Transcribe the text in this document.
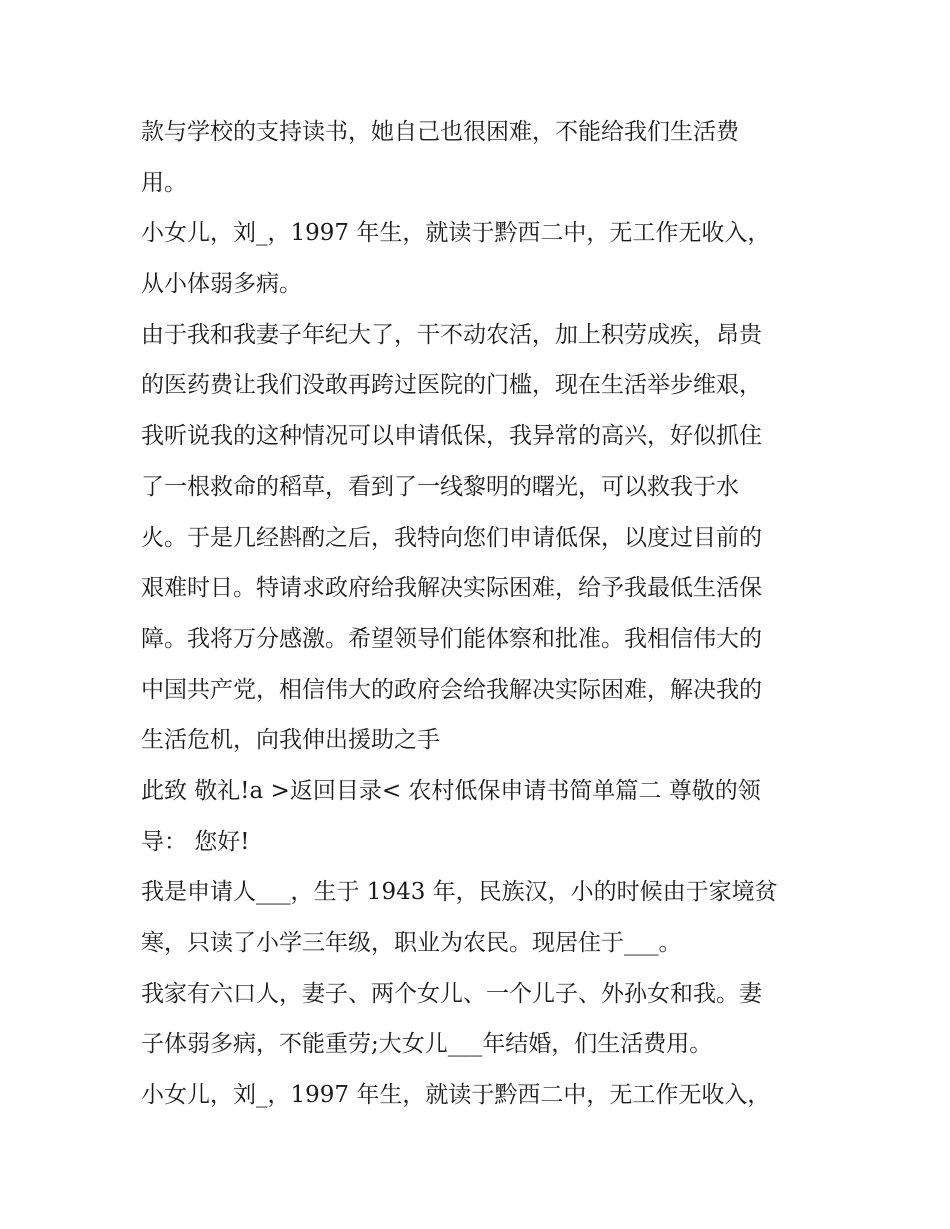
款与学校的支持读书，她自己也很困难，不能给我们生活费
用。
小女儿，刘_，1997 年生，就读于黔西二中，无工作无收入，
从小体弱多病。
由于我和我妻子年纪大了，干不动农活，加上积劳成疾，昂贵
的医药费让我们没敢再跨过医院的门槛，现在生活举步维艰，
我听说我的这种情况可以申请低保，我异常的高兴，好似抓住
了一根救命的稻草，看到了一线黎明的曙光，可以救我于水
火。于是几经斟酌之后，我特向您们申请低保，以度过目前的
艰难时日。特请求政府给我解决实际困难，给予我最低生活保
障。我将万分感激。希望领导们能体察和批准。我相信伟大的
中国共产党，相信伟大的政府会给我解决实际困难，解决我的
生活危机，向我伸出援助之手
此致 敬礼!a >返回目录< 农村低保申请书简单篇二 尊敬的领
导： 您好!
我是申请人___，生于 1943 年，民族汉，小的时候由于家境贫
寒，只读了小学三年级，职业为农民。现居住于___。
我家有六口人，妻子、两个女儿、一个儿子、外孙女和我。妻
子体弱多病，不能重劳;大女儿___年结婚，们生活费用。
小女儿，刘_，1997 年生，就读于黔西二中，无工作无收入，
